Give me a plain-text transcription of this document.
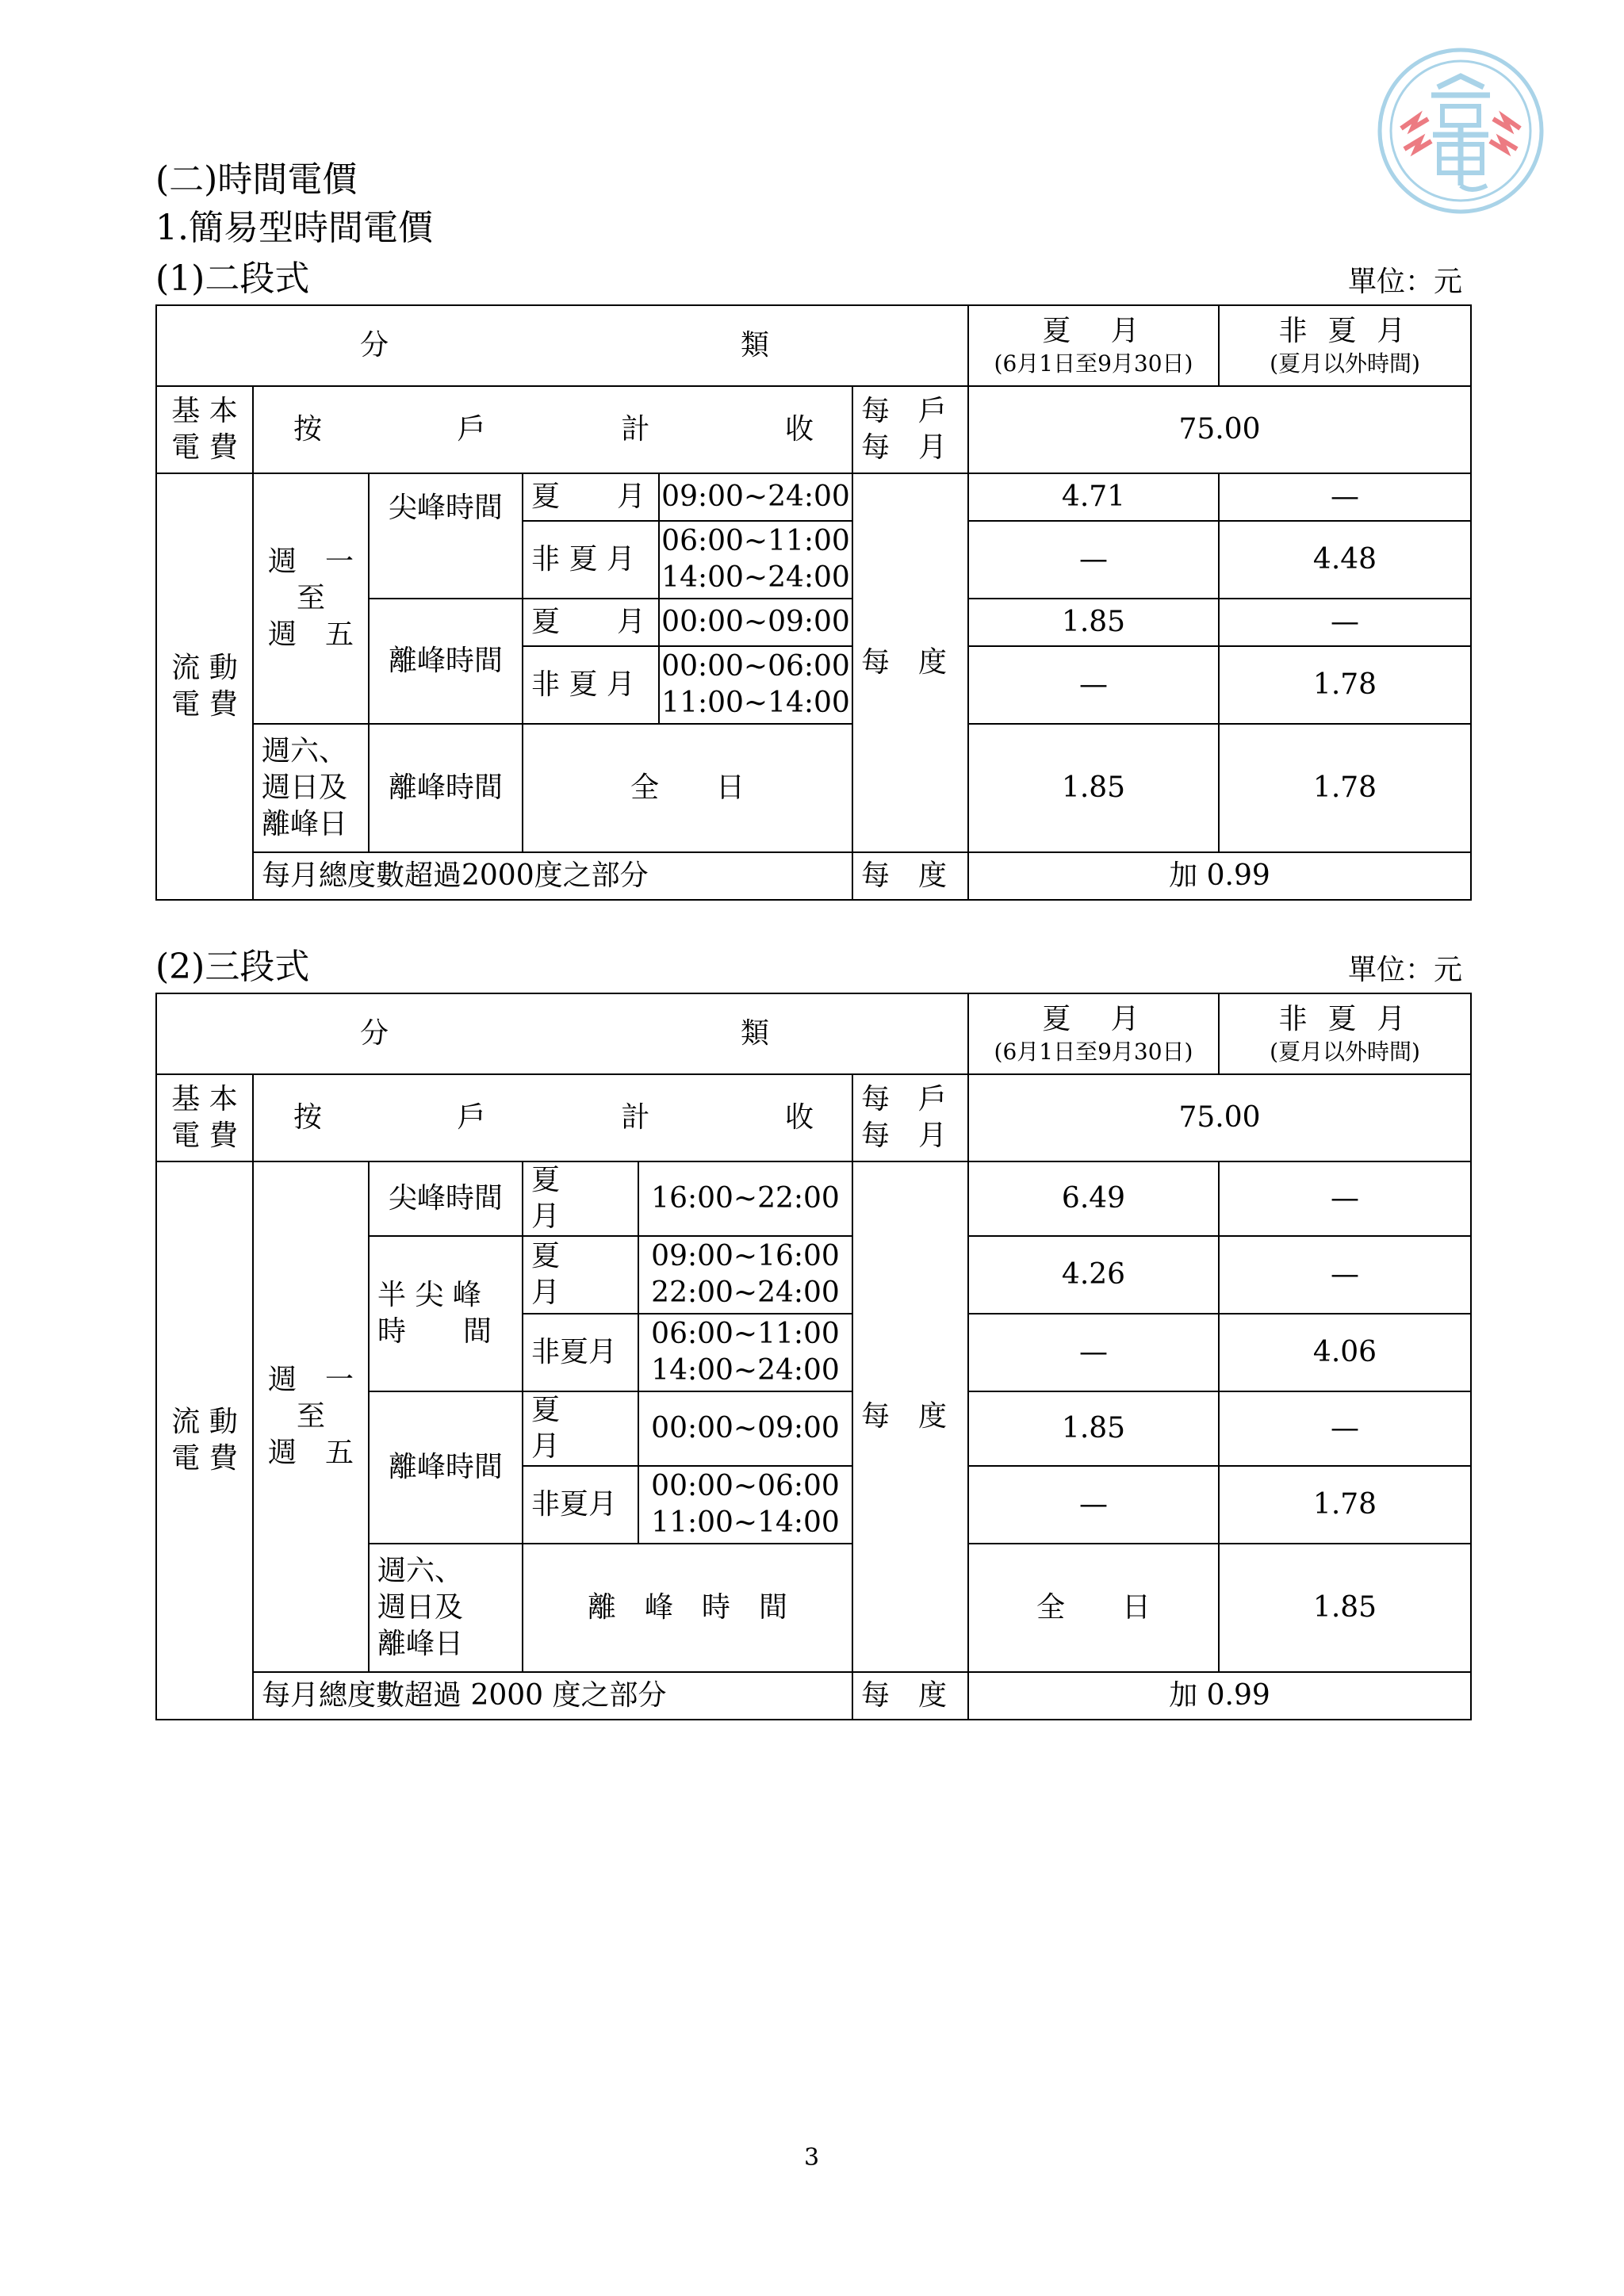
(二)時間電價
1.簡易型時間電價
(1)二段式	單位：元
分 類						夏　月
(6月1日至9月30日)	非 夏 月
(夏月以外時間)

基 本
電 費	按 戶 計 收				每　戶
每　月	75.00	

流 動
電 費	週　一
至
週　五	尖峰時間	夏　　月	09:00~24:00	每　度	4.71	—
			非 夏 月	06:00~11:00
14:00~24:00		—	4.48
		離峰時間	夏　　月	00:00~09:00		1.85	—
			非 夏 月	00:00~06:00
11:00~14:00		—	1.78

	週六、
週日及
離峰日	離峰時間	全　　日			1.85	1.78
	每月總度數超過2000度之部分				每　度	加 0.99	
(2)三段式	單位：元
分 類						夏　月
(6月1日至9月30日)	非 夏 月
(夏月以外時間)	

基 本
電 費	按 戶 計 收				每　戶
每　月	75.00		

流 動
電 費	週　一
至
週　五	尖峰時間	夏　　月	16:00~22:00	每　度	6.49	—	

		半 尖 峰
時　　間	夏　　月	09:00~16:00
22:00~24:00		4.26	—	
			非夏月	06:00~11:00
14:00~24:00		—	4.06	
		離峰時間	夏　　月	00:00~09:00		1.85	—	
			非夏月	00:00~06:00
11:00~14:00		—	1.78	

		週六、
週日及
離峰日	離　峰　時　間			全　　日	1.85	
	每月總度數超過 2000 度之部分				每　度	加 0.99		
3
